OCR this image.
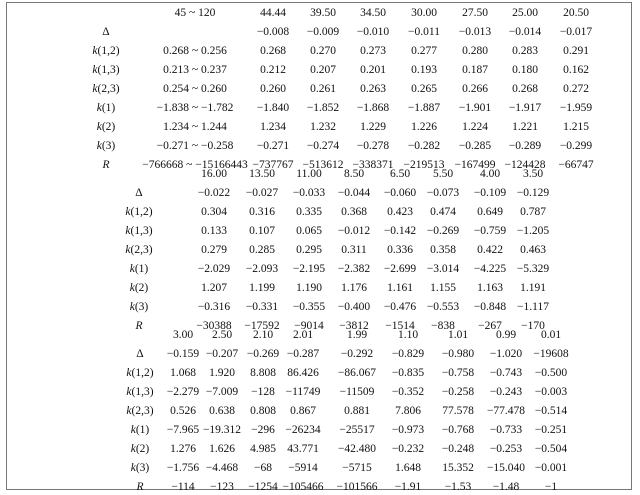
45 ~ 120	44.44 39.50 34.50 30.00 27.50 25.00 20.50
Δ	−0.008 −0.009 −0.010 −0.011 −0.013 −0.014 −0.017
k(1,2)	0.268 ~ 0.256	0.268 0.270 0.273 0.277 0.280 0.283 0.291
k(1,3)	0.213 ~ 0.237	0.212 0.207 0.201 0.193 0.187 0.180 0.162
k(2,3)	0.254 ~ 0.260	0.260 0.261 0.263 0.265 0.266 0.268 0.272
k(1)	−1.838 ~ −1.782 −1.840 −1.852 −1.868 −1.887 −1.901 −1.917 −1.959
k(2)	1.234 ~ 1.244	1.234 1.232 1.229 1.226 1.224 1.221 1.215
k(3)	−0.271 ~ −0.258 −0.271 −0.274 −0.278 −0.282 −0.285 −0.289 −0.299
R	−766668 ~ −15166443 −737767 −513612 −338371 −219513 −167499 −124428 −66747
16.00 13.50 11.00 8.50 6.50 5.50 4.00 3.50
Δ	−0.022 −0.027 −0.033 −0.044 −0.060 −0.073 −0.109 −0.129
k(1,2)	0.304 0.316 0.335 0.368 0.423 0.474 0.649 0.787
k(1,3)	0.133 0.107 0.065 −0.012 −0.142 −0.269 −0.759 −1.205
k(2,3)	0.279 0.285 0.295 0.311 0.336 0.358 0.422 0.463
k(1)	−2.029 −2.093 −2.195 −2.382 −2.699 −3.014 −4.225 −5.329
k(2)	1.207 1.199 1.190 1.176 1.161 1.155 1.163 1.191
k(3)	−0.316 −0.331 −0.355 −0.400 −0.476 −0.553 −0.848 −1.117
R	−30388 −17592 −9014 −3812 −1514 −838 −267 −170
3.00 2.50 2.10 2.01	1.99	1.10	1.01 0.99 0.01
Δ −0.159 −0.207 −0.269 −0.287 −0.292 −0.829 −0.980 −1.020 −19608
k(1,2) 1.068 1.920 8.808 86.426 −86.067 −0.835 −0.758 −0.743 −0.500
k(1,3) −2.279 −7.009 −128 −11749 −11509 −0.352 −0.258 −0.243 −0.003
k(2,3) 0.526 0.638 0.808 0.867 0.881 7.806 77.578 −77.478 −0.514
k(1) −7.965 −19.312 −296 −26234 −25517 −0.973 −0.768 −0.733 −0.251
k(2) 1.276 1.626 4.985 43.771 −42.480 −0.232 −0.248 −0.253 −0.504
k(3) −1.756 −4.468 −68 −5914 −5715 1.648 15.352 −15.040 −0.001
R −114 −123 −1254 −105466 −101566 −1.91 −1.53 −1.48 −1
